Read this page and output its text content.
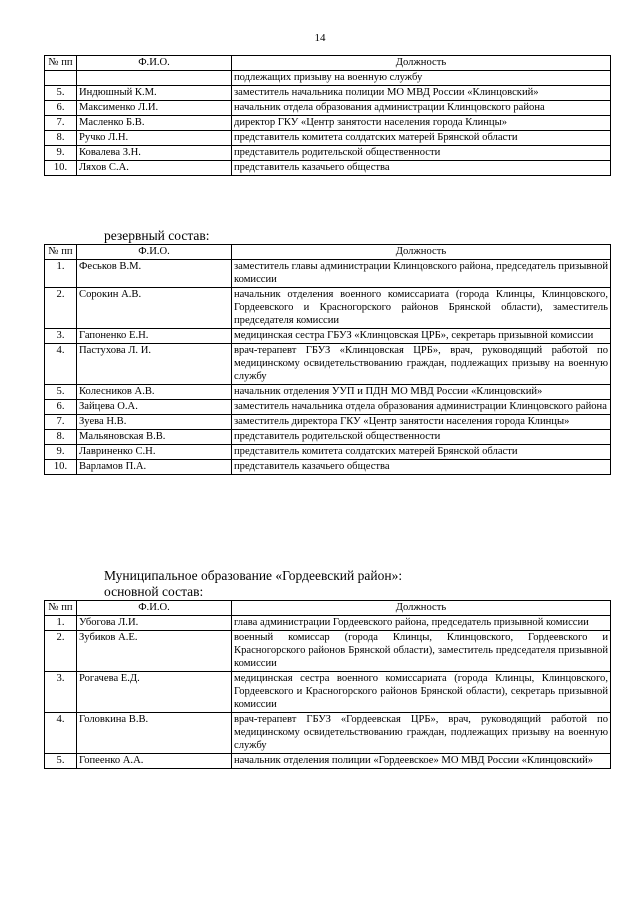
14
№ пп	Ф.И.О.	Должность
		подлежащих призыву на военную службу
5.	Индюшный К.М.	заместитель начальника полиции МО МВД России «Клинцовский»
6.	Максименко Л.И.	начальник отдела образования администрации Клинцовского района
7.	Масленко Б.В.	директор ГКУ «Центр занятости населения города Клинцы»
8.	Ручко Л.Н.	представитель комитета солдатских матерей Брянской области
9.	Ковалева З.Н.	представитель родительской общественности
10.	Ляхов С.А.	представитель казачьего общества
резервный состав:
№ пп	Ф.И.О.	Должность
1.	Феськов В.М.	заместитель главы администрации Клинцовского района, председатель призывной комиссии
2.	Сорокин А.В.	начальник отделения военного комиссариата (города Клинцы, Клинцовского, Гордеевского и Красногорского районов Брянской области), заместитель председателя комиссии
3.	Гапоненко Е.Н.	медицинская сестра ГБУЗ «Клинцовская ЦРБ», секретарь призывной комиссии
4.	Пастухова Л. И.	врач-терапевт ГБУЗ «Клинцовская ЦРБ», врач, руководящий работой по медицинскому освидетельствованию граждан, подлежащих призыву на военную службу
5.	Колесников А.В.	начальник отделения УУП и ПДН МО МВД России «Клинцовский»
6.	Зайцева О.А.	заместитель начальника отдела образования администрации Клинцовского района
7.	Зуева Н.В.	заместитель директора ГКУ «Центр занятости населения города Клинцы»
8.	Мальяновская В.В.	представитель родительской общественности
9.	Лавриненко С.Н.	представитель комитета солдатских матерей Брянской области
10.	Варламов П.А.	представитель казачьего общества
Муниципальное образование «Гордеевский район»:
основной состав:
№ пп	Ф.И.О.	Должность
1.	Убогова Л.И.	глава администрации Гордеевского района, председатель призывной комиссии
2.	Зубиков А.Е.	военный комиссар (города Клинцы, Клинцовского, Гордеевского и Красногорского районов Брянской области), заместитель председателя призывной комиссии
3.	Рогачева Е.Д.	медицинская сестра военного комиссариата (города Клинцы, Клинцовского, Гордеевского и Красногорского районов Брянской области), секретарь призывной комиссии
4.	Головкина В.В.	врач-терапевт ГБУЗ «Гордеевская ЦРБ», врач, руководящий работой по медицинскому освидетельствованию граждан, подлежащих призыву на военную службу
5.	Гопеенко А.А.	начальник отделения полиции «Гордеевское» МО МВД России «Клинцовский»
